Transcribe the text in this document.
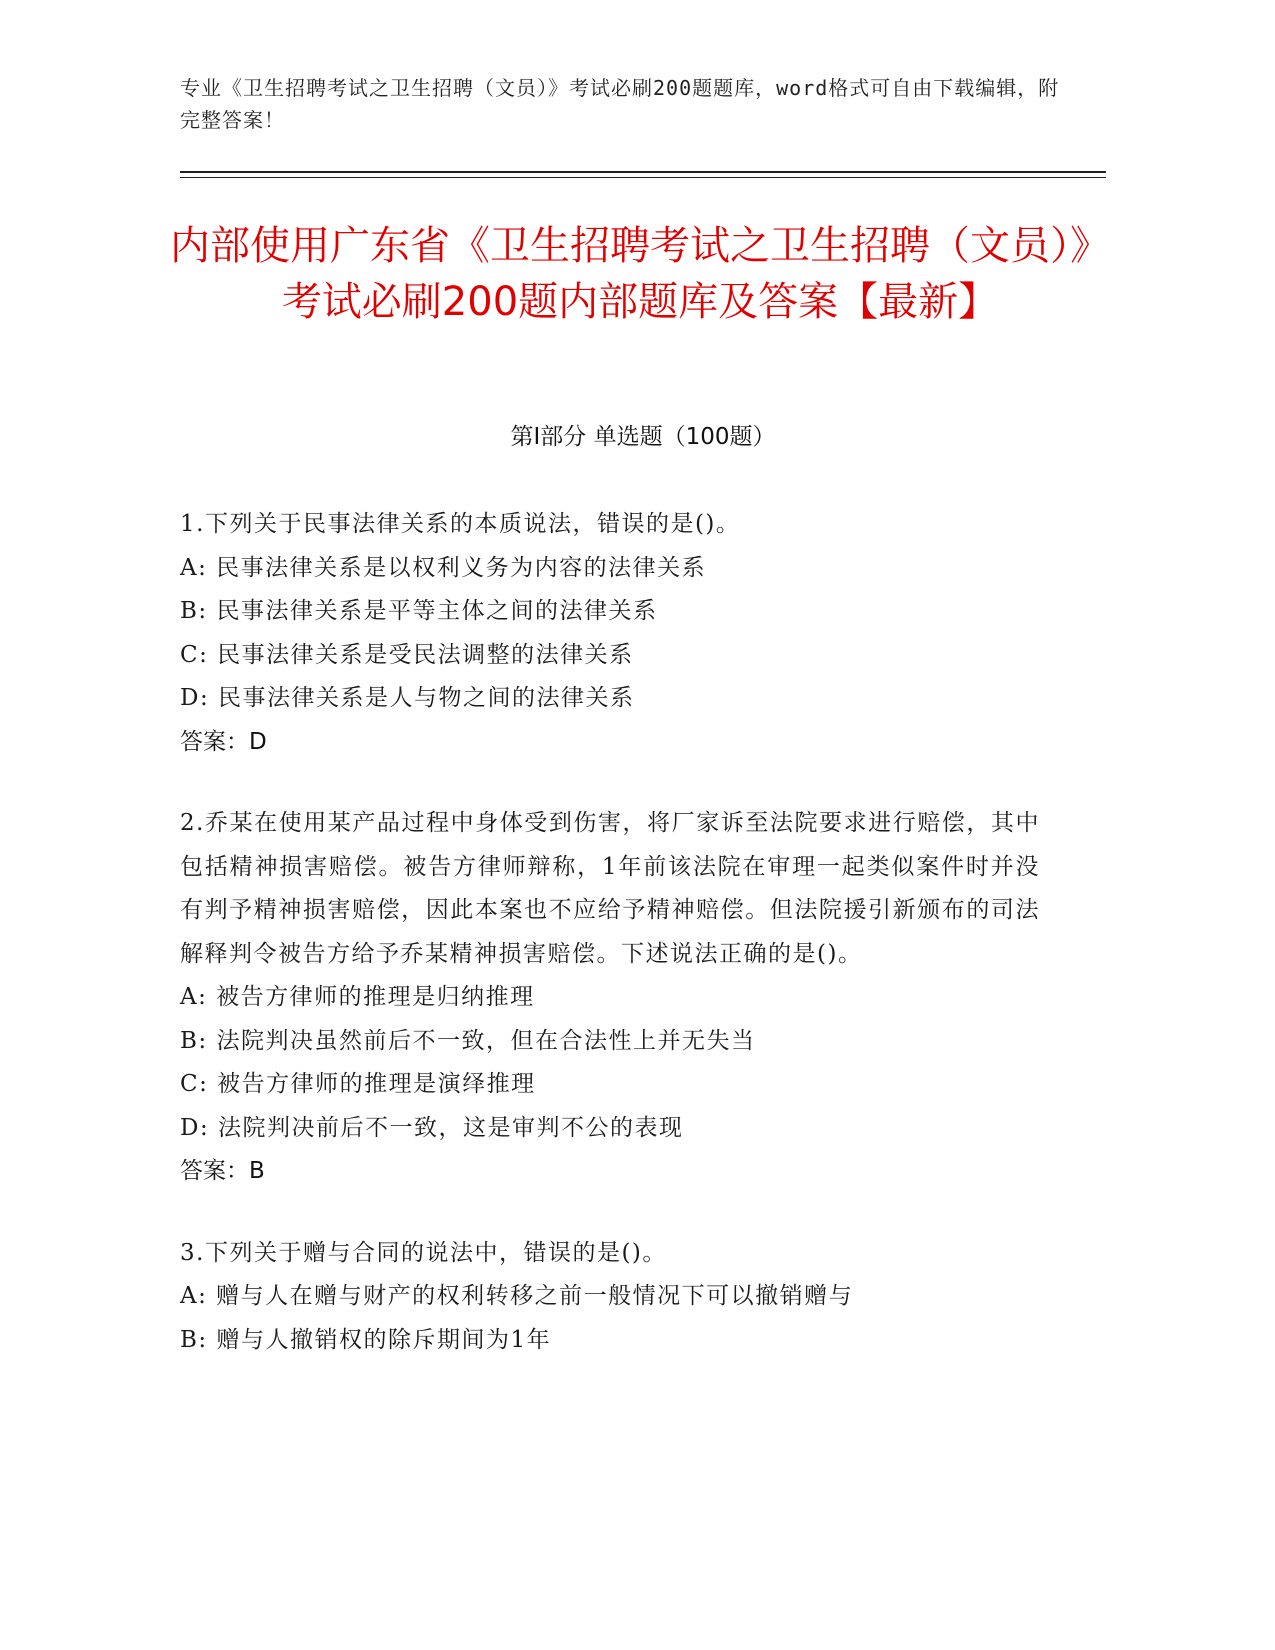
专业《卫生招聘考试之卫生招聘（文员）》考试必刷200题题库，word格式可自由下载编辑，附完整答案！
内部使用广东省《卫生招聘考试之卫生招聘（文员）》考试必刷200题内部题库及答案【最新】
第I部分 单选题（100题）

1.下列关于民事法律关系的本质说法，错误的是()。

A: 民事法律关系是以权利义务为内容的法律关系

B: 民事法律关系是平等主体之间的法律关系

C: 民事法律关系是受民法调整的法律关系

D: 民事法律关系是人与物之间的法律关系

答案：D

2.乔某在使用某产品过程中身体受到伤害，将厂家诉至法院要求进行赔偿，其中包括精神损害赔偿。被告方律师辩称，1年前该法院在审理一起类似案件时并没有判予精神损害赔偿，因此本案也不应给予精神赔偿。但法院援引新颁布的司法解释判令被告方给予乔某精神损害赔偿。下述说法正确的是()。

A: 被告方律师的推理是归纳推理

B: 法院判决虽然前后不一致，但在合法性上并无失当

C: 被告方律师的推理是演绎推理

D: 法院判决前后不一致，这是审判不公的表现

答案：B

3.下列关于赠与合同的说法中，错误的是()。

A: 赠与人在赠与财产的权利转移之前一般情况下可以撤销赠与

B: 赠与人撤销权的除斥期间为1年
